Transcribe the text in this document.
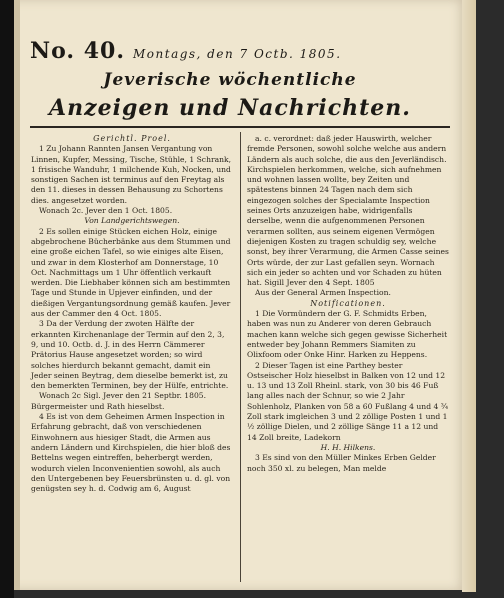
No. 40. Montags, den 7 Octb. 1805.
Jeverische wöchentliche
Anzeigen und Nachrichten.

Gerichtl. Proel.

1 Zu Johann Rannten Jansen Vergantung von Linnen, Kupfer, Messing, Tische, Stühle, 1 Schrank, 1 frisische Wanduhr, 1 milchende Kuh, Nocken, und sonstigen Sachen ist terminus auf den Freytag als den 11. dieses in dessen Behausung zu Schortens dies. angesetzet worden.

Wonach 2c. Jever den 1 Oct. 1805.

Von Landgerichtswegen.

2 Es sollen einige Stücken eichen Holz, einige abgebrochene Bücherbänke aus dem Stummen und eine große eichen Tafel, so wie einiges alte Eisen, und zwar in dem Klosterhof am Donnerstage, 10 Oct. Nachmittags um 1 Uhr öffentlich verkauft werden. Die Liebhaber können sich am bestimmten Tage und Stunde in Upjever einfinden, und der dießigen Vergantungsordnung gemäß kaufen. Jever aus der Cammer den 4 Oct. 1805.

3 Da der Verdung der zwoten Hälfte der erkannten Kirchenanlage der Termin auf den 2, 3, 9, und 10. Octb. d. J. in des Herrn Cämmerer Prätorius Hause angesetzet worden; so wird solches hierdurch bekannt gemacht, damit ein Jeder seinen Beytrag, dem dieselbe bemerkt ist, zu den bemerkten Terminen, bey der Hülfe, entrichte.

Wonach 2c Sigl. Jever den 21 Septbr. 1805. Bürgermeister und Rath hieselbst.

4 Es ist von dem Geheimen Armen Inspection in Erfahrung gebracht, daß von verschiedenen Einwohnern aus hiesiger Stadt, die Armen aus andern Ländern und Kirchspielen, die hier bloß des Bettelns wegen eintreffen, beherbergt werden, wodurch vielen Inconvenientien sowohl, als auch den Untergebenen bey Feuersbrünsten u. d. gl. von genügsten sey h. d. Codwig am 6, August

a. c. verordnet: daß jeder Hauswirth, welcher fremde Personen, sowohl solche welche aus andern Ländern als auch solche, die aus den Jeverländisch. Kirchspielen herkommen, welche, sich aufnehmen und wohnen lassen wollte, bey Zeiten und spätestens binnen 24 Tagen nach dem sich eingezogen solches der Specialamte Inspection seines Orts anzuzeigen habe, widrigenfalls derselbe, wenn die aufgenommenen Personen verarmen sollten, aus seinem eigenen Vermögen diejenigen Kosten zu tragen schuldig sey, welche sonst, bey ihrer Verarmung, die Armen Casse seines Orts würde, der zur Last gefallen seyn. Wornach sich ein jeder so achten und vor Schaden zu hüten hat. Sigill Jever den 4 Sept. 1805

Aus der General Armen Inspection.

Notificationen.

1 Die Vormündern der G. F. Schmidts Erben, haben was nun zu Anderer von deren Gebrauch machen kann welche sich gegen gewisse Sicherheit entweder bey Johann Remmers Siamiten zu Olixfoom oder Onke Hinr. Harken zu Heppens.

2 Dieser Tagen ist eine Parthey bester Ostseischer Holz hieselbst in Balken von 12 und 12 u. 13 und 13 Zoll Rheinl. stark, von 30 bis 46 Fuß lang alles nach der Schnur, so wie 2 Jahr Sohlenholz, Planken von 58 a 60 Fußlang 4 und 4 ¾ Zoll stark imgleichen 3 und 2 zöllige Posten 1 und 1 ½ zöllige Dielen, und 2 zöllige Sänge 11 a 12 und 14 Zoll breite, Ladekorn

H. H. Hilkens.

3 Es sind von den Müller Minkes Erben Gelder noch 350 xl. zu belegen, Man melde
